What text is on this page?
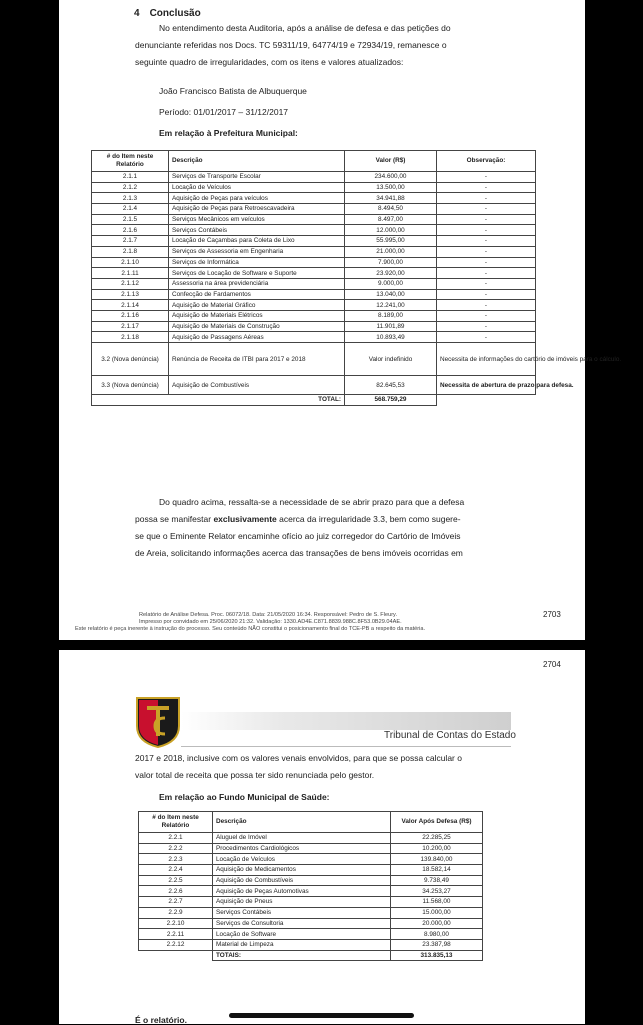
4 Conclusão
No entendimento desta Auditoria, após a análise de defesa e das petições do
denunciante referidas nos Docs. TC 59311/19, 64774/19 e 72934/19, remanesce o
seguinte quadro de irregularidades, com os itens e valores atualizados:
João Francisco Batista de Albuquerque
Período: 01/01/2017 – 31/12/2017
Em relação à Prefeitura Municipal:
# do Item neste Relatório	Descrição	Valor (R$)	Observação:
2.1.1	Serviços de Transporte Escolar	234.600,00	-
2.1.2	Locação de Veículos	13.500,00	-
2.1.3	Aquisição de Peças para veículos	34.941,88	-
2.1.4	Aquisição de Peças para Retroescavadeira	8.494,50	-
2.1.5	Serviços Mecânicos em veículos	8.497,00	-
2.1.6	Serviços Contábeis	12.000,00	-
2.1.7	Locação de Caçambas para Coleta de Lixo	55.995,00	-
2.1.8	Serviços de Assessoria em Engenharia	21.000,00	-
2.1.10	Serviços de Informática	7.900,00	-
2.1.11	Serviços de Locação de Software e Suporte	23.920,00	-
2.1.12	Assessoria na área previdenciária	9.000,00	-
2.1.13	Confecção de Fardamentos	13.040,00	-
2.1.14	Aquisição de Material Gráfico	12.241,00	-
2.1.16	Aquisição de Materiais Elétricos	8.189,00	-
2.1.17	Aquisição de Materiais de Construção	11.901,89	-
2.1.18	Aquisição de Passagens Aéreas	10.893,49	-
3.2 (Nova denúncia)	Renúncia de Receita de ITBI para 2017 e 2018	Valor indefinido	Necessita de informações do cartório de imóveis para o cálculo.
3.3 (Nova denúncia)	Aquisição de Combustíveis	82.645,53	Necessita de abertura de prazo para defesa.
TOTAL:		568.759,29	
Do quadro acima, ressalta-se a necessidade de se abrir prazo para que a defesa
possa se manifestar exclusivamente acerca da irregularidade 3.3, bem como sugere-
se que o Eminente Relator encaminhe ofício ao juiz corregedor do Cartório de Imóveis
de Areia, solicitando informações acerca das transações de bens imóveis ocorridas em
Relatório de Análise Defesa. Proc. 06072/18. Data: 21/05/2020 16:34. Responsável: Pedro de S. Fleury.
Impresso por convidado em 25/06/2020 21:32. Validação: 1330.AD4E.C871.8839.988C.8F53.0B29.04AE.
Este relatório é peça inerente à instrução do processo. Seu conteúdo NÃO constitui o posicionamento final do TCE-PB a respeito da matéria.
2703
2704
Tribunal de Contas do Estado
2017 e 2018, inclusive com os valores venais envolvidos, para que se possa calcular o
valor total de receita que possa ter sido renunciada pelo gestor.
Em relação ao Fundo Municipal de Saúde:
# do Item neste Relatório	Descrição	Valor Após Defesa (R$)
2.2.1	Aluguel de Imóvel	22.285,25
2.2.2	Procedimentos Cardiológicos	10.200,00
2.2.3	Locação de Veículos	139.840,00
2.2.4	Aquisição de Medicamentos	18.582,14
2.2.5	Aquisição de Combustíveis	9.738,49
2.2.6	Aquisição de Peças Automotivas	34.253,27
2.2.7	Aquisição de Pneus	11.568,00
2.2.9	Serviços Contábeis	15.000,00
2.2.10	Serviços de Consultoria	20.000,00
2.2.11	Locação de Software	8.980,00
2.2.12	Material de Limpeza	23.387,98
	TOTAIS:	313.835,13
É o relatório.
